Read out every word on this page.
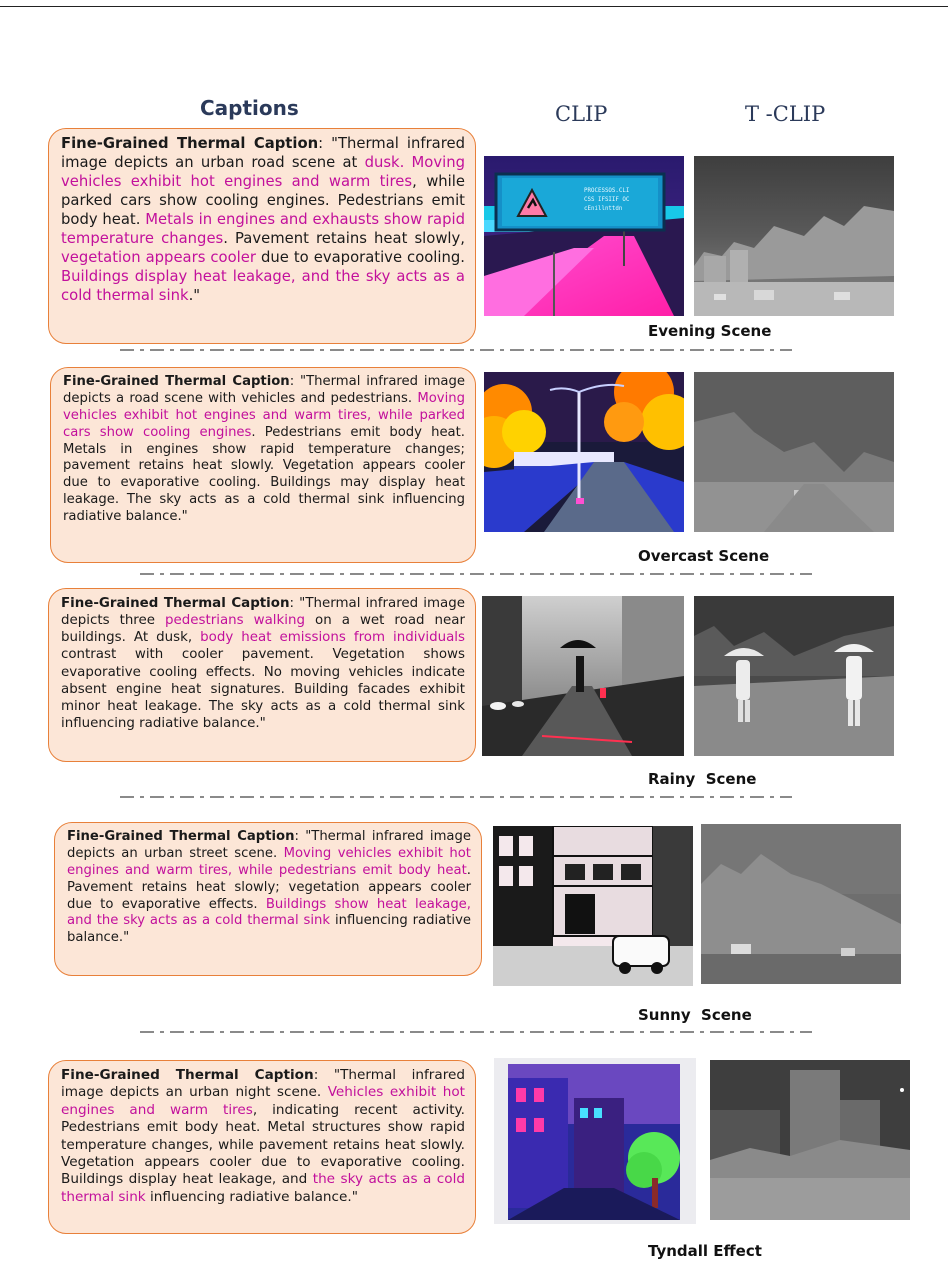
Captions	CLIP	T -CLIP
Fine-Grained Thermal Caption: "Thermal infrared image depicts an urban road scene at dusk. Moving vehicles exhibit hot engines and warm tires, while parked cars show cooling engines. Pedestrians emit body heat. Metals in engines and exhausts show rapid temperature changes. Pavement retains heat slowly, vegetation appears cooler due to evaporative cooling. Buildings display heat leakage, and the sky acts as a cold thermal sink."
PROCESSOS.CLI
CSS IFSIIF OC
cEnillnttdn
Evening Scene
Fine-Grained Thermal Caption: "Thermal infrared image depicts a road scene with vehicles and pedestrians. Moving vehicles exhibit hot engines and warm tires, while parked cars show cooling engines. Pedestrians emit body heat. Metals in engines show rapid temperature changes; pavement retains heat slowly. Vegetation appears cooler due to evaporative cooling. Buildings may display heat leakage. The sky acts as a cold thermal sink influencing radiative balance."
Overcast Scene
Fine-Grained Thermal Caption: "Thermal infrared image depicts three pedestrians walking on a wet road near buildings. At dusk, body heat emissions from individuals contrast with cooler pavement. Vegetation shows evaporative cooling effects. No moving vehicles indicate absent engine heat signatures. Building facades exhibit minor heat leakage. The sky acts as a cold thermal sink influencing radiative balance."
Rainy  Scene
Fine-Grained Thermal Caption: "Thermal infrared image depicts an urban street scene. Moving vehicles exhibit hot engines and warm tires, while pedestrians emit body heat. Pavement retains heat slowly; vegetation appears cooler due to evaporative effects. Buildings show heat leakage, and the sky acts as a cold thermal sink influencing radiative balance."
Sunny  Scene
Fine-Grained Thermal Caption: "Thermal infrared image depicts an urban night scene. Vehicles exhibit hot engines and warm tires, indicating recent activity. Pedestrians emit body heat. Metal structures show rapid temperature changes, while pavement retains heat slowly. Vegetation appears cooler due to evaporative cooling. Buildings display heat leakage, and the sky acts as a cold thermal sink influencing radiative balance."
Tyndall Effect
